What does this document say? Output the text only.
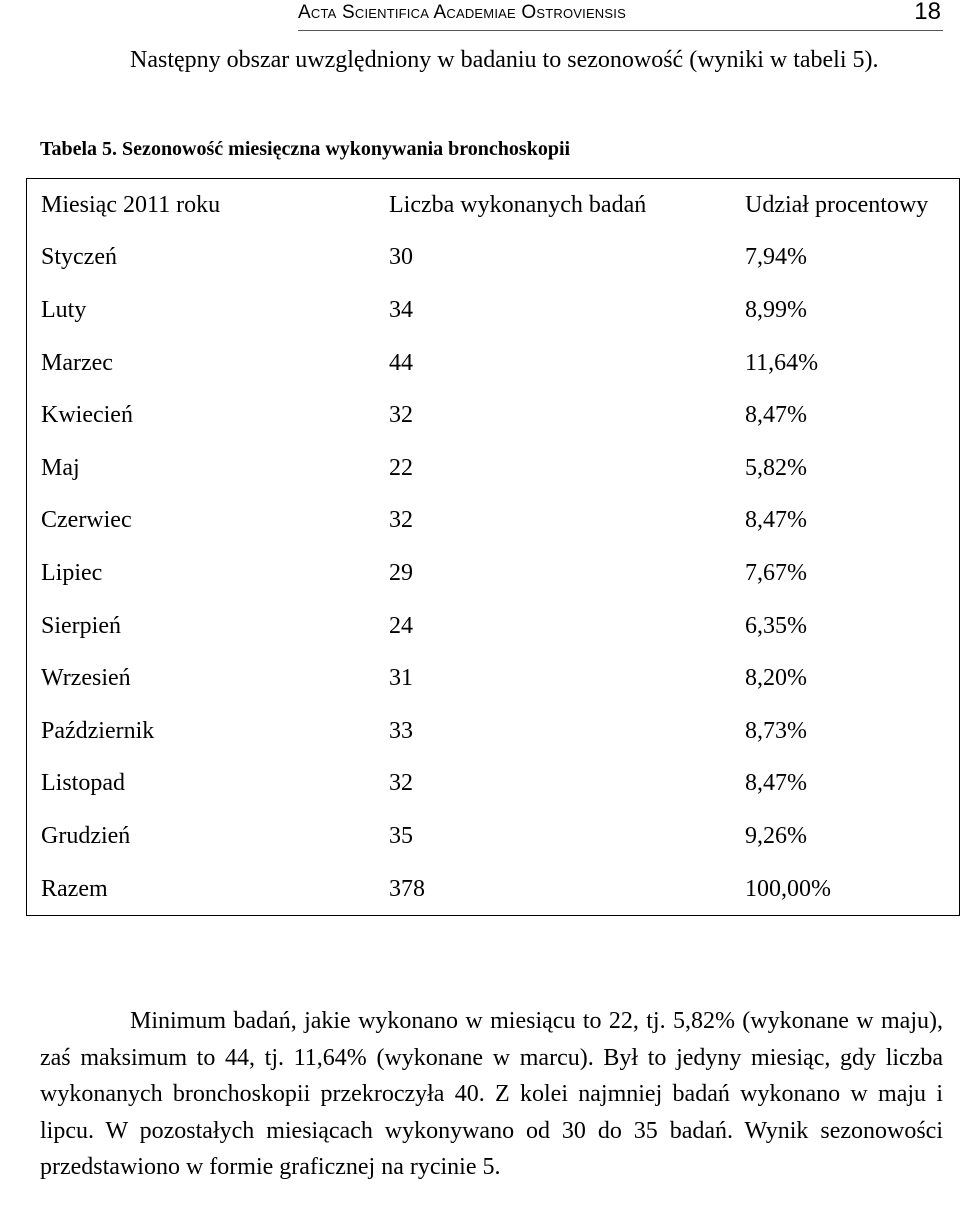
Acta Scientifica Academiae Ostroviensis	18

Następny obszar uwzględniony w badaniu to sezonowość (wyniki w tabeli 5).

Tabela 5. Sezonowość miesięczna wykonywania bronchoskopii
Miesiąc 2011 roku	Liczba wykonanych badań	Udział procentowy
Styczeń	30	7,94%
Luty	34	8,99%
Marzec	44	11,64%
Kwiecień	32	8,47%
Maj	22	5,82%
Czerwiec	32	8,47%
Lipiec	29	7,67%
Sierpień	24	6,35%
Wrzesień	31	8,20%
Październik	33	8,73%
Listopad	32	8,47%
Grudzień	35	9,26%
Razem	378	100,00%

Minimum badań, jakie wykonano w miesiącu to 22, tj. 5,82% (wykonane w maju), zaś maksimum to 44, tj. 11,64% (wykonane w marcu). Był to jedyny miesiąc, gdy liczba wykonanych bronchoskopii przekroczyła 40. Z kolei najmniej badań wykonano w maju i lipcu. W pozostałych miesiącach wykonywano od 30 do 35 badań. Wynik sezonowości przedstawiono w formie graficznej na rycinie 5.
